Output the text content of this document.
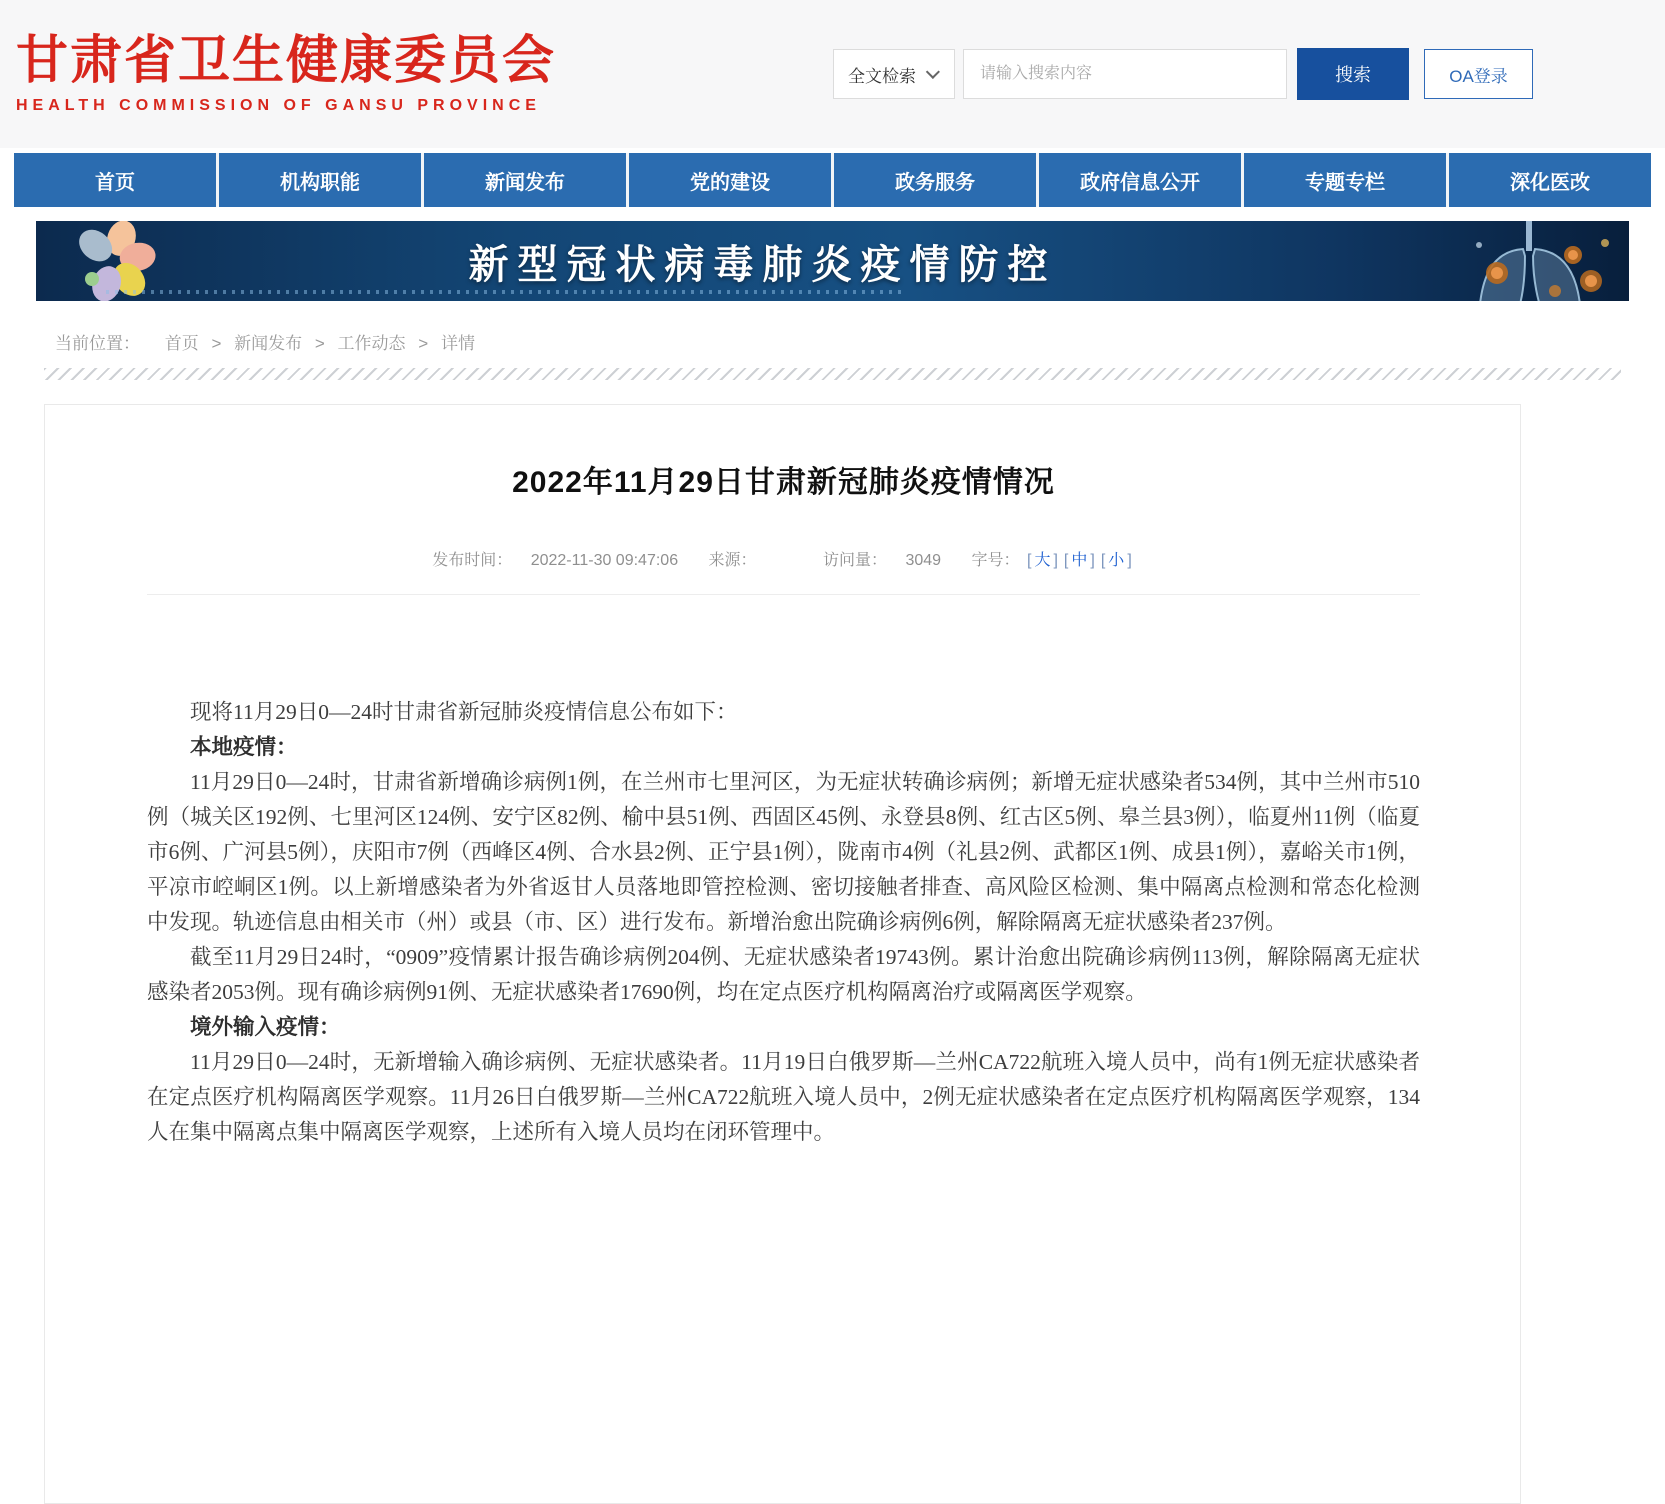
甘肃省卫生健康委员会
HEALTH COMMISSION OF GANSU PROVINCE
全文检索
请输入搜索内容	搜索	OA登录
首页	机构职能	新闻发布	党的建设	政务服务	政府信息公开	专题专栏	深化医改
新型冠状病毒肺炎疫情防控
当前位置： 首页 > 新闻发布 > 工作动态 > 详情
2022年11月29日甘肃新冠肺炎疫情情况
发布时间： 2022-11-30 09:47:06 来源：	访问量： 3049 字号： [ 大 ] [ 中 ] [ 小 ]

现将11月29日0—24时甘肃省新冠肺炎疫情信息公布如下：

本地疫情：

11月29日0—24时，甘肃省新增确诊病例1例，在兰州市七里河区，为无症状转确诊病例；新增无症状感染者534例，其中兰州市510例（城关区192例、七里河区124例、安宁区82例、榆中县51例、西固区45例、永登县8例、红古区5例、皋兰县3例），临夏州11例（临夏市6例、广河县5例），庆阳市7例（西峰区4例、合水县2例、正宁县1例），陇南市4例（礼县2例、武都区1例、成县1例），嘉峪关市1例，平凉市崆峒区1例。以上新增感染者为外省返甘人员落地即管控检测、密切接触者排查、高风险区检测、集中隔离点检测和常态化检测中发现。轨迹信息由相关市（州）或县（市、区）进行发布。新增治愈出院确诊病例6例，解除隔离无症状感染者237例。

截至11月29日24时，“0909”疫情累计报告确诊病例204例、无症状感染者19743例。累计治愈出院确诊病例113例，解除隔离无症状感染者2053例。现有确诊病例91例、无症状感染者17690例，均在定点医疗机构隔离治疗或隔离医学观察。

境外输入疫情：

11月29日0—24时，无新增输入确诊病例、无症状感染者。11月19日白俄罗斯—兰州CA722航班入境人员中，尚有1例无症状感染者在定点医疗机构隔离医学观察。11月26日白俄罗斯—兰州CA722航班入境人员中，2例无症状感染者在定点医疗机构隔离医学观察，134人在集中隔离点集中隔离医学观察，上述所有入境人员均在闭环管理中。
